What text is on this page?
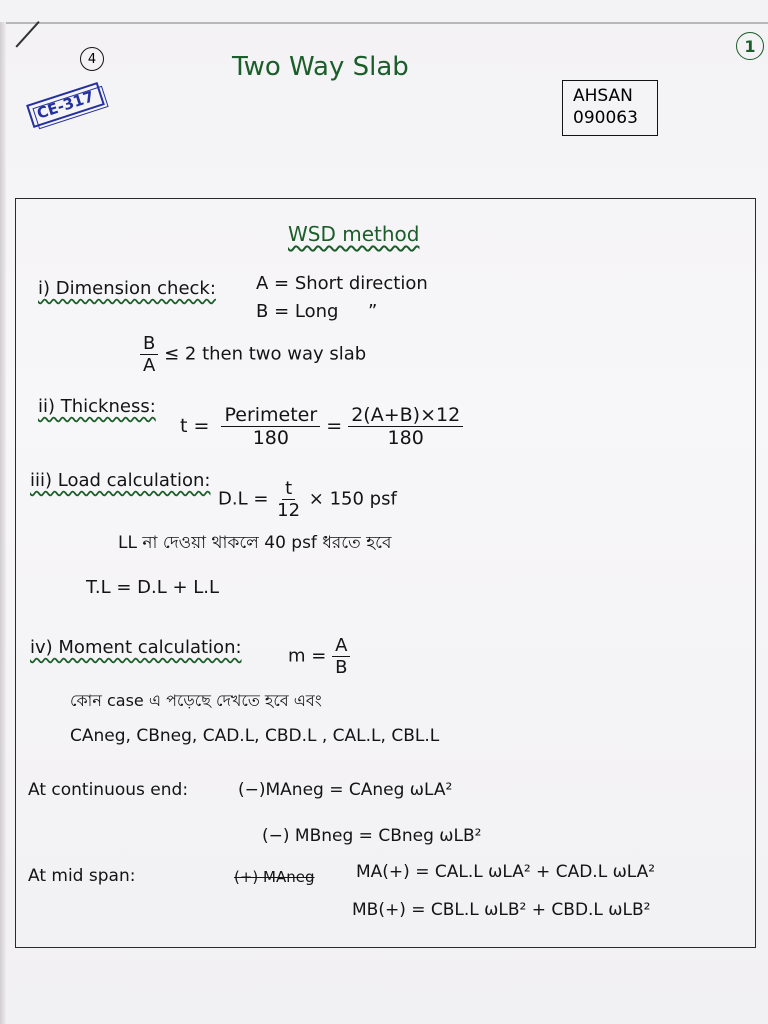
4	Two Way Slab
1
CE-317	AHSAN
090063
WSD method
i) Dimension check: A = Short direction
B = Long ”
$\frac{B}{A} \le 2$ then two way slab
ii) Thickness:
$t = \frac{\text{Perimeter}}{180} = \frac{2(A+B)\times 12}{180}$
iii) Load calculation:
$D.L = \frac{t}{12} \times 150$ psf
LL না দেওয়া থাকলে 40 psf ধরতে হবে
T.L = D.L + L.L
iv) Moment calculation:	$m = \frac{A}{B}$
কোন case এ পড়েছে দেখতে হবে এবং
CAneg, CBneg, CAD.L, CBD.L , CAL.L, CBL.L
At continuous end:	(−)MAneg = CAneg ωLA²
(−) MBneg = CBneg ωLB²
At mid span:	(+) MAneg MA(+) = CAL.L ωLA² + CAD.L ωLA²
MB(+) = CBL.L ωLB² + CBD.L ωLB²
